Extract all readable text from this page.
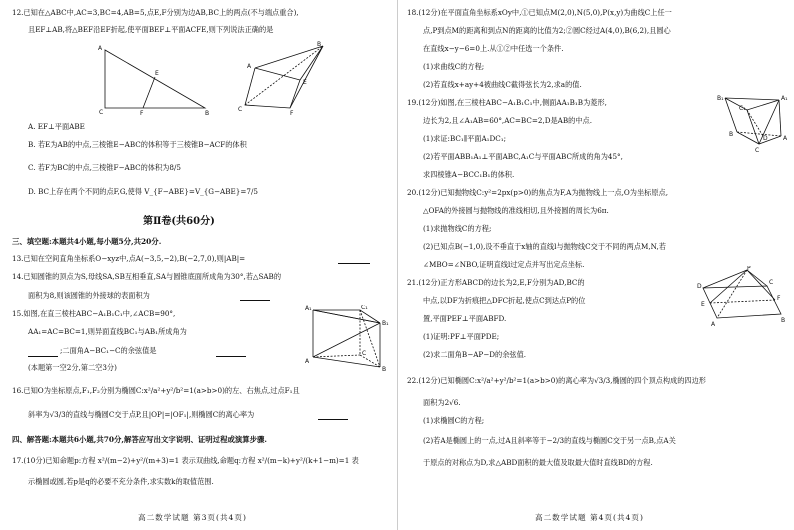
12.已知在△ABC中,AC=3,BC=4,AB=5,点E,F分别为边AB,BC上的两点(不与端点重合),
且EF⊥AB,将△BEF沿EF折起,使平面BEF⊥平面ACFE,则下列说法正确的是
A
E
C	F	B
A
B
E
C
F
A. EF⊥平面ABE
B. 若E为AB的中点,三棱锥E−ABC的体积等于三棱锥B−ACF的体积
C. 若F为BC的中点,三棱锥F−ABC的体积为8/5
D. BC上存在两个不同的点F,G,使得 V_{F−ABE}=V_{G−ABE}=7/5
第Ⅱ卷(共60分)
三、填空题:本题共4小题,每小题5分,共20分.
13.已知在空间直角坐标系O−xyz中,点A(−3,5,−2),B(−2,7,0),则|AB|=
14.已知圆锥的顶点为S,母线SA,SB互相垂直,SA与圆锥底面所成角为30°,若△SAB的
面积为8,则该圆锥的外接球的表面积为
15.如图,在直三棱柱ABC−A₁B₁C₁中,∠ACB=90°,
AA₁=AC=BC=1,则异面直线BC₁与AB₁所成角为
;二面角A−BC₁−C的余弦值是
(本题第一空2分,第二空3分)
A₁	C₁
B₁
A
C
B
16.已知O为坐标原点,F₁,F₂分别为椭圆C:x²/a²+y²/b²=1(a>b>0)的左、右焦点,过点F₁且
斜率为√3/3的直线与椭圆C交于点P,且|OP|=|OF₁|,则椭圆C的离心率为
四、解答题:本题共6小题,共70分,解答应写出文字说明、证明过程或演算步骤.
17.(10分)已知命题p:方程 x²/(m−2)+y²/(m+3)=1 表示双曲线,命题q:方程 x²/(m−k)+y²/(k+1−m)=1 表
示椭圆或圆,若p是q的必要不充分条件,求实数k的取值范围.
高二数学试题 第3页(共4页)
18.(12分)在平面直角坐标系xOy中,①已知点M(2,0),N(5,0),P(x,y)为曲线C上任一
点,P到点M的距离和到点N的距离的比值为2;②圆C经过A(4,0),B(6,2),且圆心
在直线x−y−6=0上.从①②中任选一个条件.
(1)求曲线C的方程;
(2)若直线x+ay+4被曲线C截得弦长为2,求a的值.
19.(12分)如图,在三棱柱ABC−A₁B₁C₁中,侧面AA₁B₁B为菱形,
边长为2,且∠A₁AB=60°,AC=BC=2,D是AB的中点.
(1)求证:BC₁∥平面A₁DC₁;
(2)若平面ABB₁A₁⊥平面ABC,A₁C与平面ABC所成的角为45°,
求四棱锥A−BCC₁B₁的体积.
B₁
C₁
A₁
B
C
D	A
20.(12分)已知抛物线C:y²=2px(p>0)的焦点为F,A为抛物线上一点,O为坐标原点,
△OFA的外接圆与抛物线的准线相切,且外接圆的周长为6π.
(1)求抛物线C的方程;
(2)已知点B(−1,0),设不垂直于x轴的直线l与抛物线C交于不同的两点M,N,若
∠MBO=∠NBO,证明直线l过定点并写出定点坐标.
21.(12分)正方形ABCD的边长为2,E,F分别为AD,BC的
中点,以DF为折痕把△DFC折起,使点C到达点P的位
置,平面PEF⊥平面ABFD.
(1)证明:PF⊥平面PDE;
(2)求二面角B−AP−D的余弦值.
P
D
E
A
F
C
B
22.(12分)已知椭圆C:x²/a²+y²/b²=1(a>b>0)的离心率为√3/3,椭圆的四个顶点构成的四边形
面积为2√6.
(1)求椭圆C的方程;
(2)若A是椭圆上的一点,过A且斜率等于−2/3的直线与椭圆C交于另一点B,点A关
于原点的对称点为D,求△ABD面积的最大值及取最大值时直线BD的方程.
高二数学试题 第4页(共4页)
